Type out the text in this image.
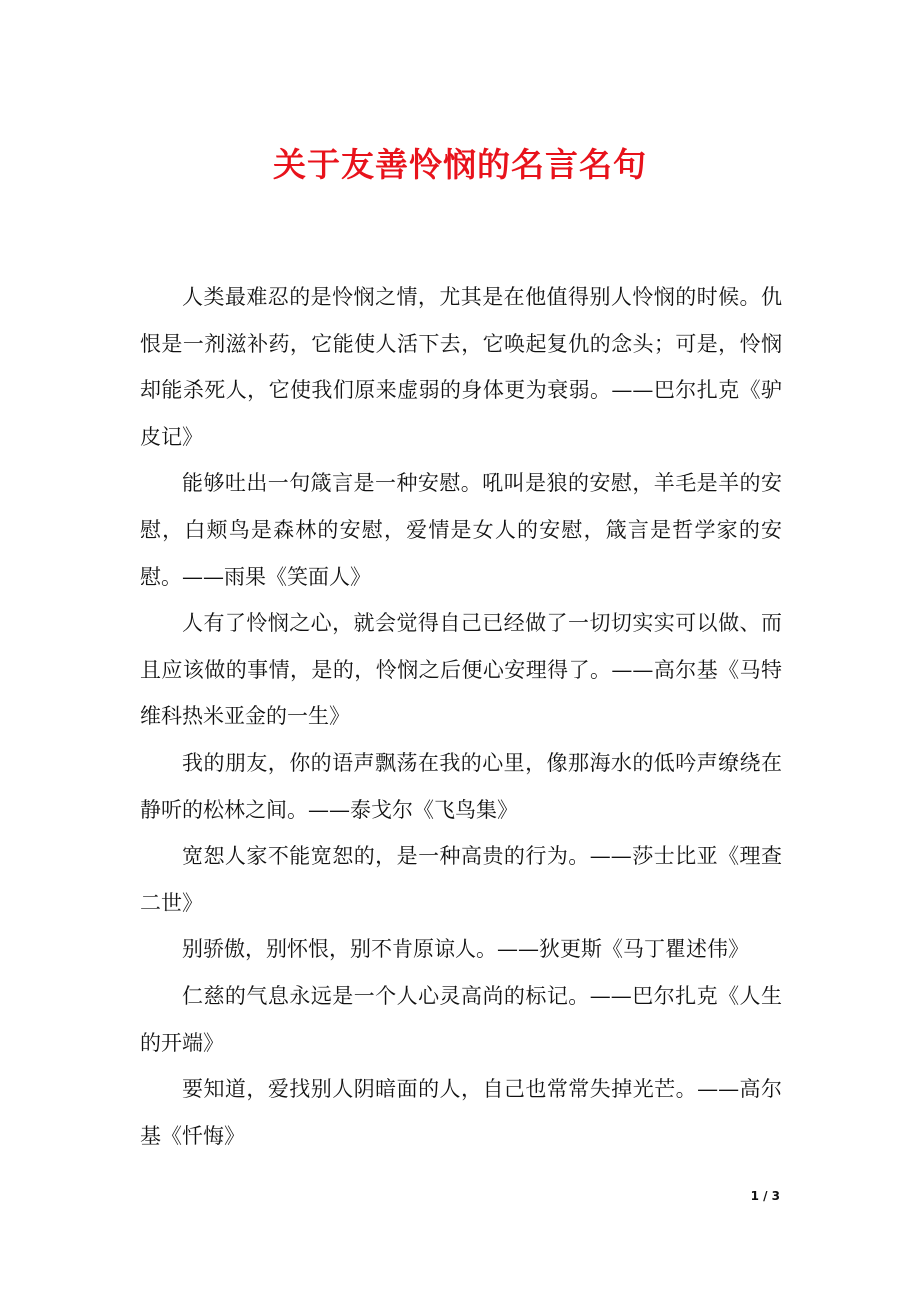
关于友善怜悯的名言名句

人类最难忍的是怜悯之情，尤其是在他值得别人怜悯的时候。仇恨是一剂滋补药，它能使人活下去，它唤起复仇的念头；可是，怜悯却能杀死人，它使我们原来虚弱的身体更为衰弱。——巴尔扎克《驴皮记》

能够吐出一句箴言是一种安慰。吼叫是狼的安慰，羊毛是羊的安慰，白颊鸟是森林的安慰，爱情是女人的安慰，箴言是哲学家的安慰。——雨果《笑面人》

人有了怜悯之心，就会觉得自己已经做了一切切实实可以做、而且应该做的事情，是的，怜悯之后便心安理得了。——高尔基《马特维科热米亚金的一生》

我的朋友，你的语声飘荡在我的心里，像那海水的低吟声缭绕在静听的松林之间。——泰戈尔《飞鸟集》

宽恕人家不能宽恕的，是一种高贵的行为。——莎士比亚《理查二世》

别骄傲，别怀恨，别不肯原谅人。——狄更斯《马丁瞿述伟》

仁慈的气息永远是一个人心灵高尚的标记。——巴尔扎克《人生的开端》

要知道，爱找别人阴暗面的人，自己也常常失掉光芒。——高尔基《忏悔》

1 / 3
